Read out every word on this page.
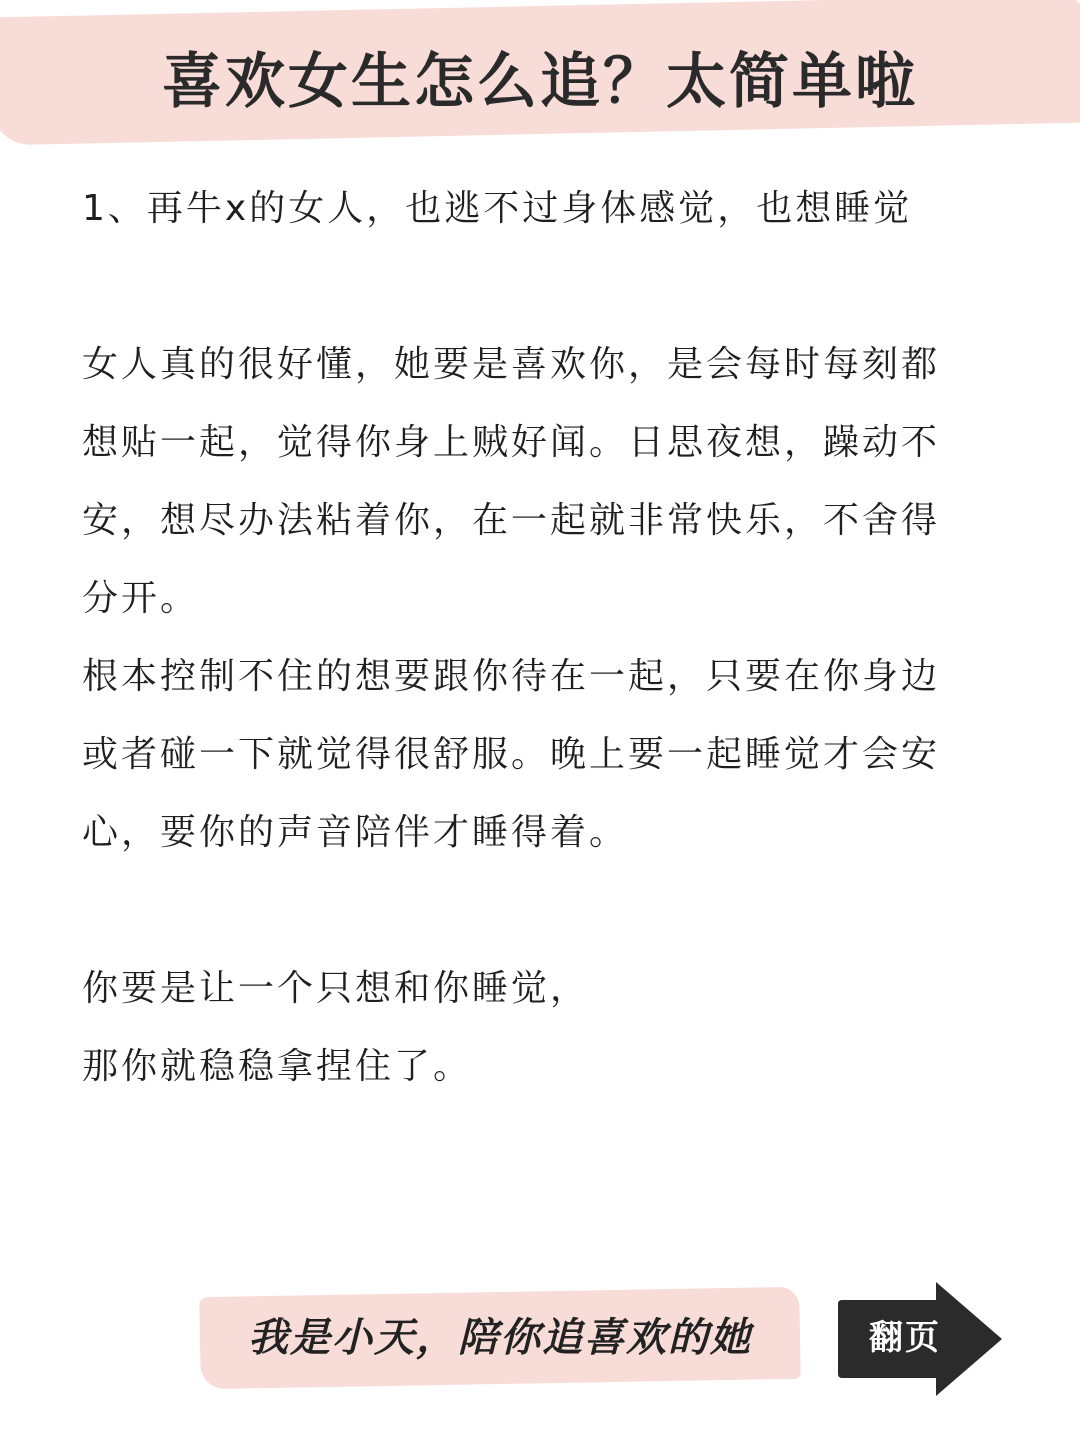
喜欢女生怎么追？太简单啦
1、再牛x的女人，也逃不过身体感觉，也想睡觉
女人真的很好懂，她要是喜欢你，是会每时每刻都
想贴一起，觉得你身上贼好闻。日思夜想，躁动不
安，想尽办法粘着你，在一起就非常快乐，不舍得
分开。
根本控制不住的想要跟你待在一起，只要在你身边
或者碰一下就觉得很舒服。晚上要一起睡觉才会安
心，要你的声音陪伴才睡得着。
你要是让一个只想和你睡觉，
那你就稳稳拿捏住了。
我是小天，陪你追喜欢的她	翻页
